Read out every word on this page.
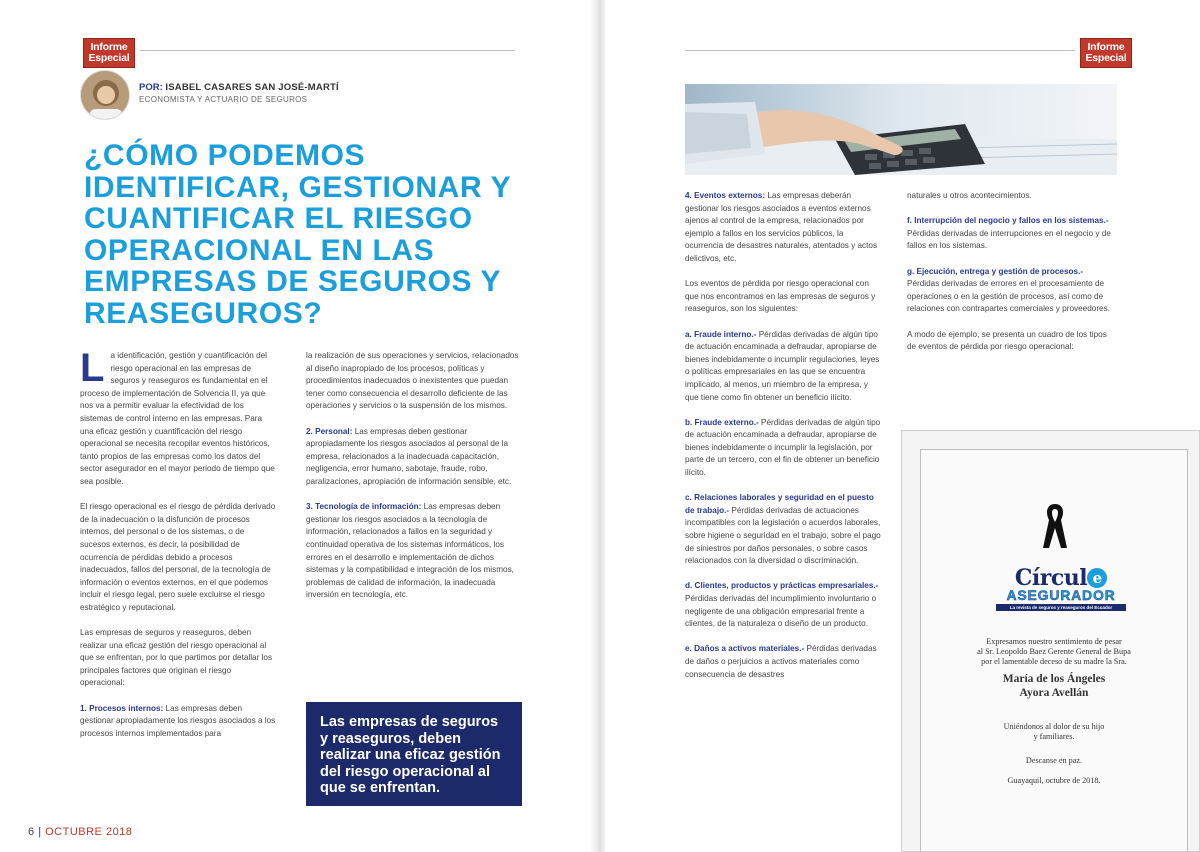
Informe
Especial
POR: ISABEL CASARES SAN JOSÉ-MARTÍ
ECONOMISTA Y ACTUARIO DE SEGUROS
¿CÓMO PODEMOS IDENTIFICAR, GESTIONAR Y CUANTIFICAR EL RIESGO OPERACIONAL EN LAS EMPRESAS DE SEGUROS Y REASEGUROS?

La identificación, gestión y cuantificación del riesgo operacional en las empresas de seguros y reaseguros es fundamental en el proceso de implementación de Solvencia II, ya que nos va a permitir evaluar la efectividad de los sistemas de control interno en las empresas. Para una eficaz gestión y cuantificación del riesgo operacional se necesita recopilar eventos históricos, tanto propios de las empresas como los datos del sector asegurador en el mayor periodo de tiempo que sea posible.

El riesgo operacional es el riesgo de pérdida derivado de la inadecuación o la disfunción de procesos internos, del personal o de los sistemas, o de sucesos externos, es decir, la posibilidad de ocurrencia de pérdidas debido a procesos inadecuados, fallos del personal, de la tecnología de información o eventos externos, en el que podemos incluir el riesgo legal, pero suele excluirse el riesgo estratégico y reputacional.

Las empresas de seguros y reaseguros, deben realizar una eficaz gestión del riesgo operacional al que se enfrentan, por lo que partimos por detallar los principales factores que originan el riesgo operacional:

1. Procesos internos: Las empresas deben gestionar apropiadamente los riesgos asociados a los procesos internos implementados para

la realización de sus operaciones y servicios, relacionados al diseño inapropiado de los procesos, políticas y procedimientos inadecuados o inexistentes que puedan tener como consecuencia el desarrollo deficiente de las operaciones y servicios o la suspensión de los mismos.

2. Personal: Las empresas deben gestionar apropiadamente los riesgos asociados al personal de la empresa, relacionados a la inadecuada capacitación, negligencia, error humano, sabotaje, fraude, robo, paralizaciones, apropiación de información sensible, etc.

3. Tecnología de información: Las empresas deben gestionar los riesgos asociados a la tecnología de información, relacionados a fallos en la seguridad y continuidad operativa de los sistemas informáticos, los errores en el desarrollo e implementación de dichos sistemas y la compatibilidad e integración de los mismos, problemas de calidad de información, la inadecuada inversión en tecnología, etc.

Las empresas de seguros y reaseguros, deben realizar una eficaz gestión del riesgo operacional al que se enfrentan.
6 | OCTUBRE 2018
Informe
Especial

4. Eventos externos: Las empresas deberán gestionar los riesgos asociados a eventos externos ajenos al control de la empresa, relacionados por ejemplo a fallos en los servicios públicos, la ocurrencia de desastres naturales, atentados y actos delictivos, etc.

Los eventos de pérdida por riesgo operacional con que nos encontramos en las empresas de seguros y reaseguros, son los siguientes:

a. Fraude interno.- Pérdidas derivadas de algún tipo de actuación encaminada a defraudar, apropiarse de bienes indebidamente o incumplir regulaciones, leyes o políticas empresariales en las que se encuentra implicado, al menos, un miembro de la empresa, y que tiene como fin obtener un beneficio ilícito.

b. Fraude externo.- Pérdidas derivadas de algún tipo de actuación encaminada a defraudar, apropiarse de bienes indebidamente o incumplir la legislación, por parte de un tercero, con el fin de obtener un beneficio ilícito.

c. Relaciones laborales y seguridad en el puesto de trabajo.- Pérdidas derivadas de actuaciones incompatibles con la legislación o acuerdos laborales, sobre higiene o seguridad en el trabajo, sobre el pago de siniestros por daños personales, o sobre casos relacionados con la diversidad o discriminación.

d. Clientes, productos y prácticas empresariales.- Pérdidas derivadas del incumplimiento involuntario o negligente de una obligación empresarial frente a clientes, de la naturaleza o diseño de un producto.

e. Daños a activos materiales.- Pérdidas derivadas de daños o perjuicios a activos materiales como consecuencia de desastres

naturales u otros acontecimientos.

f. Interrupción del negocio y fallos en los sistemas.- Pérdidas derivadas de interrupciones en el negocio y de fallos en los sistemas.

g. Ejecución, entrega y gestión de procesos.- Pérdidas derivadas de errores en el procesamiento de operaciones o en la gestión de procesos, así como de relaciones con contrapartes comerciales y proveedores.

A modo de ejemplo, se presenta un cuadro de los tipos de eventos de pérdida por riesgo operacional:

Círcul e
ASEGURADOR
La revista de seguros y reaseguros del Ecuador
Expresamos nuestro sentimiento de pesar
al Sr. Leopoldo Baez Gerente General de Bupa
por el lamentable deceso de su madre la Sra.
María de los Ángeles
Ayora Avellán
Uniéndonos al dolor de su hijo
y familiares.
Descanse en paz.
Guayaquil, octubre de 2018.
